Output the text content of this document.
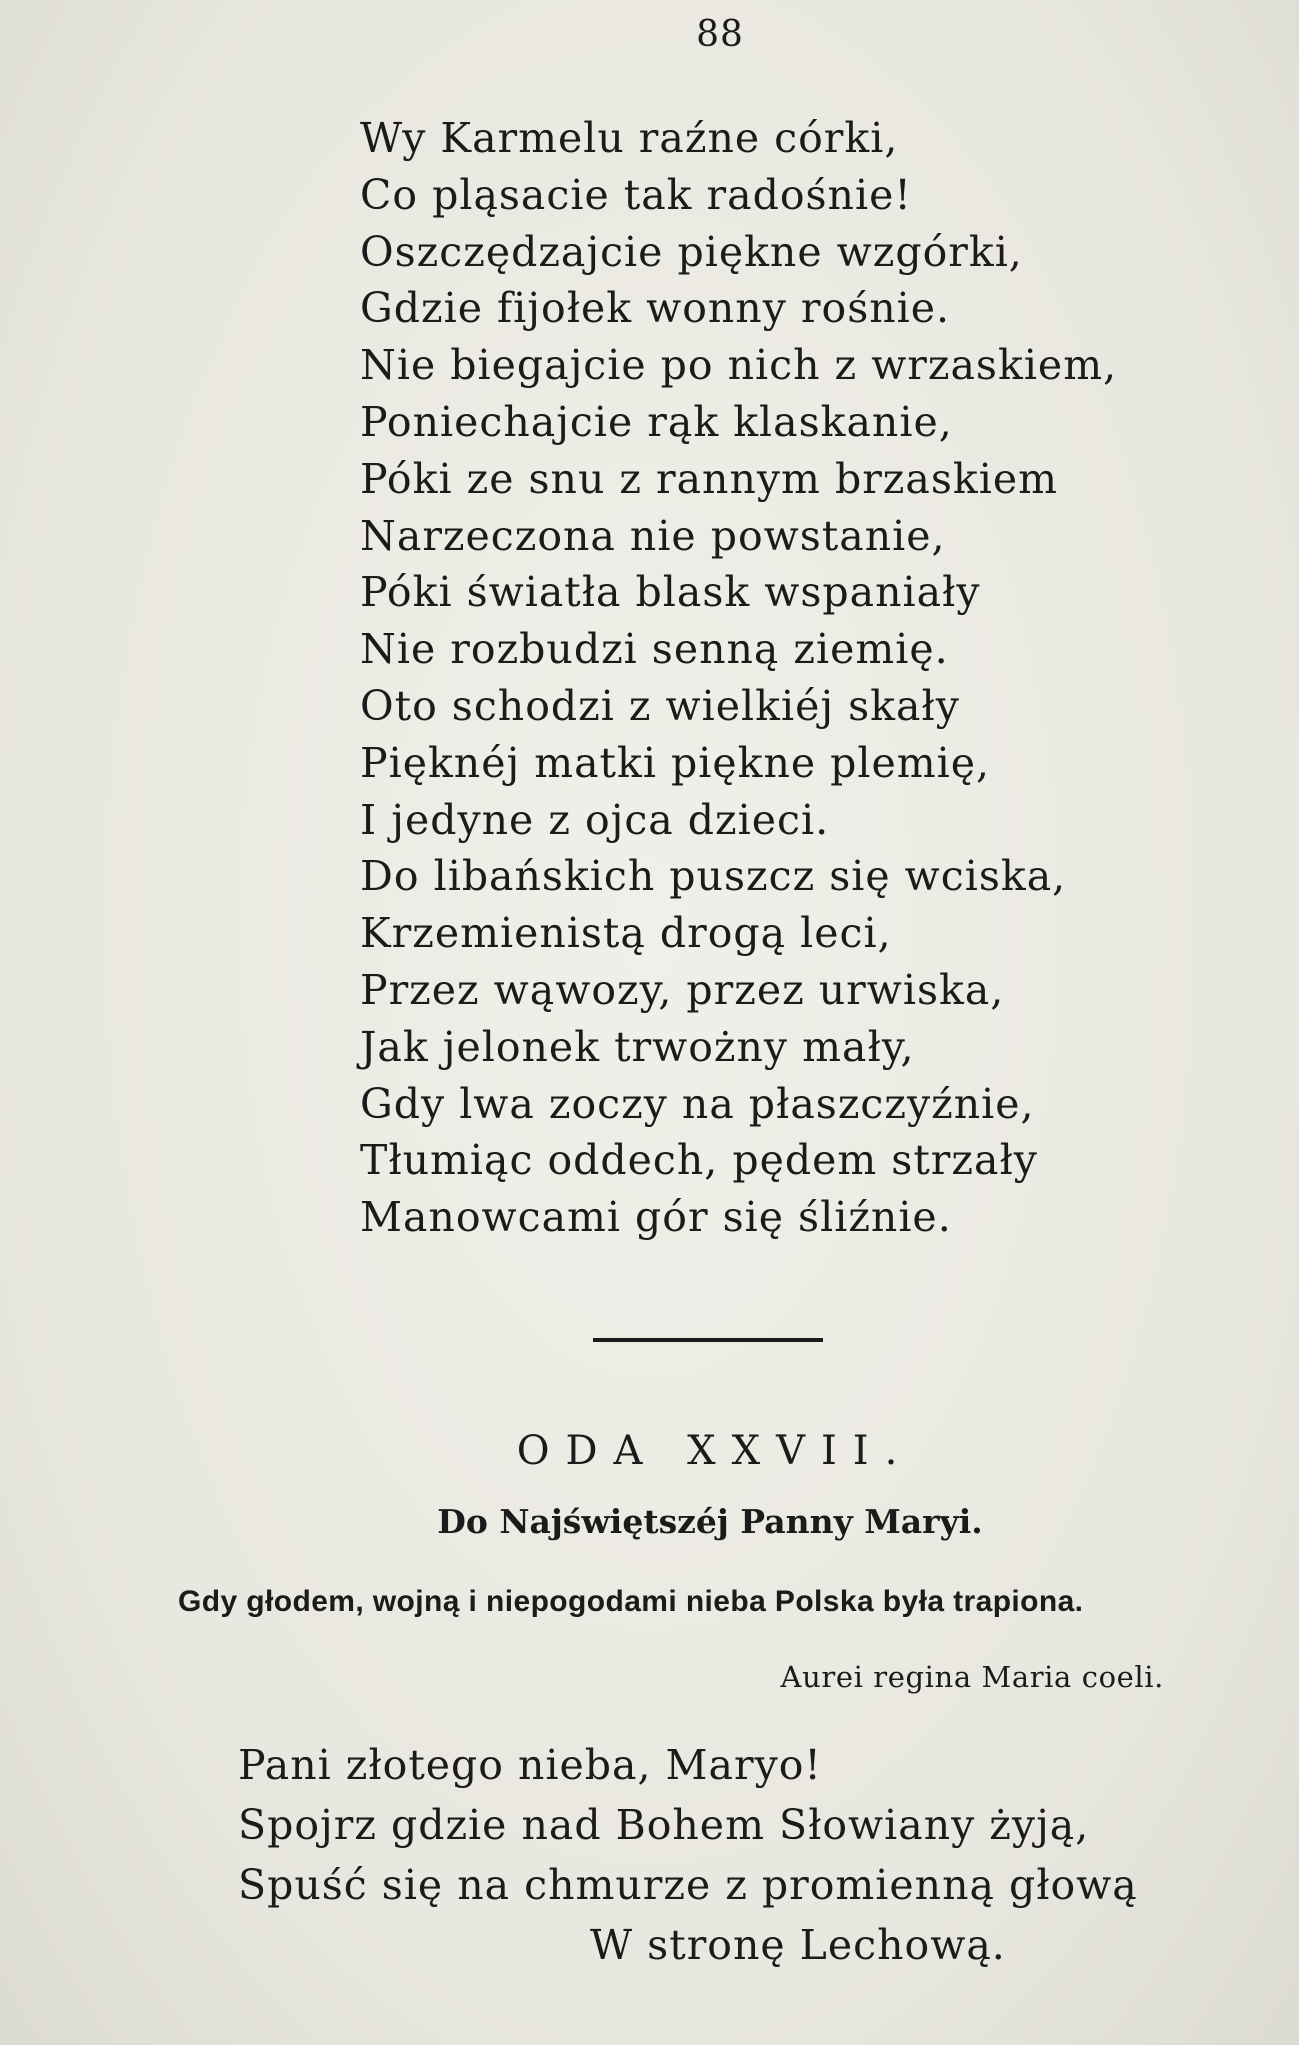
88
Wy Karmelu raźne córki,
Co pląsacie tak radośnie!
Oszczędzajcie piękne wzgórki,
Gdzie fijołek wonny rośnie.
Nie biegajcie po nich z wrzaskiem,
Poniechajcie rąk klaskanie,
Póki ze snu z rannym brzaskiem
Narzeczona nie powstanie,
Póki światła blask wspaniały
Nie rozbudzi senną ziemię.
Oto schodzi z wielkiéj skały
Pięknéj matki piękne plemię,
I jedyne z ojca dzieci.
Do libańskich puszcz się wciska,
Krzemienistą drogą leci,
Przez wąwozy, przez urwiska,
Jak jelonek trwożny mały,
Gdy lwa zoczy na płaszczyźnie,
Tłumiąc oddech, pędem strzały
Manowcami gór się śliźnie.
ODA XXVII.
Do Najświętszéj Panny Maryi.
Gdy głodem, wojną i niepogodami nieba Polska była trapiona.
Aurei regina Maria coeli.
Pani złotego nieba, Maryo!
Spojrz gdzie nad Bohem Słowiany żyją,
Spuść się na chmurze z promienną głową
W stronę Lechową.
